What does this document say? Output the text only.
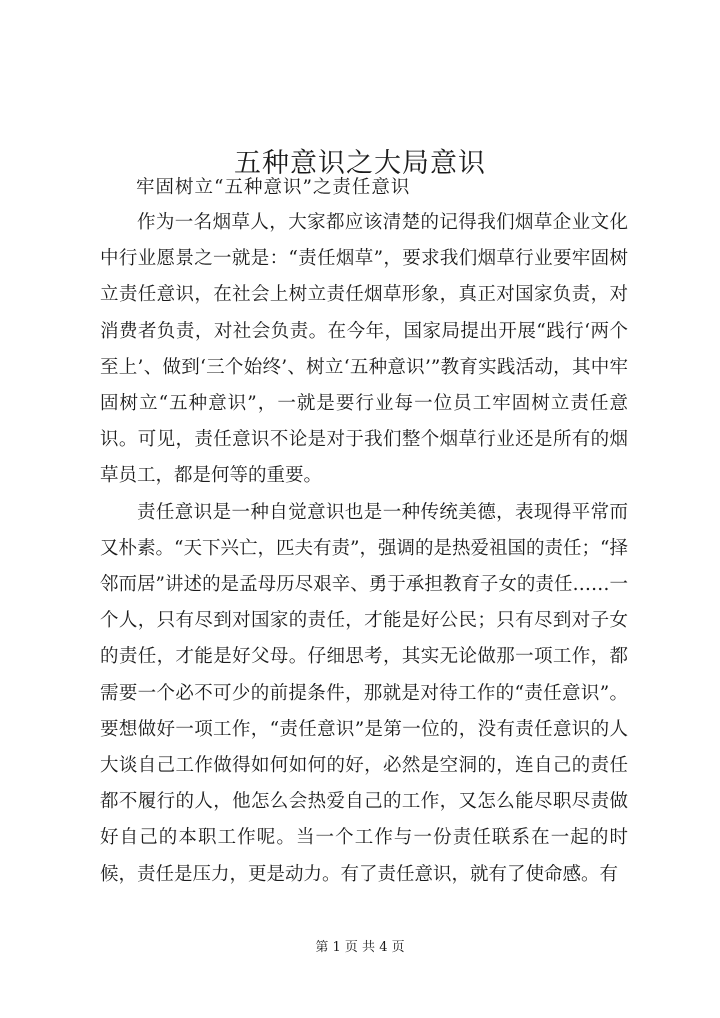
五种意识之大局意识
牢固树立“五种意识”之责任意识

作为一名烟草人，大家都应该清楚的记得我们烟草企业文化中行业愿景之一就是：“责任烟草”，要求我们烟草行业要牢固树立责任意识，在社会上树立责任烟草形象，真正对国家负责，对消费者负责，对社会负责。在今年，国家局提出开展“践行‘两个至上’、做到‘三个始终’、树立‘五种意识’”教育实践活动，其中牢固树立“五种意识”，一就是要行业每一位员工牢固树立责任意识。可见，责任意识不论是对于我们整个烟草行业还是所有的烟草员工，都是何等的重要。

责任意识是一种自觉意识也是一种传统美德，表现得平常而又朴素。“天下兴亡，匹夫有责”，强调的是热爱祖国的责任；“择邻而居”讲述的是孟母历尽艰辛、勇于承担教育子女的责任……一个人，只有尽到对国家的责任，才能是好公民；只有尽到对子女的责任，才能是好父母。仔细思考，其实无论做那一项工作，都需要一个必不可少的前提条件，那就是对待工作的“责任意识”。要想做好一项工作，“责任意识”是第一位的，没有责任意识的人大谈自己工作做得如何如何的好，必然是空洞的，连自己的责任都不履行的人，他怎么会热爱自己的工作，又怎么能尽职尽责做好自己的本职工作呢。当一个工作与一份责任联系在一起的时候，责任是压力，更是动力。有了责任意识，就有了使命感。有

第 1 页 共 4 页
